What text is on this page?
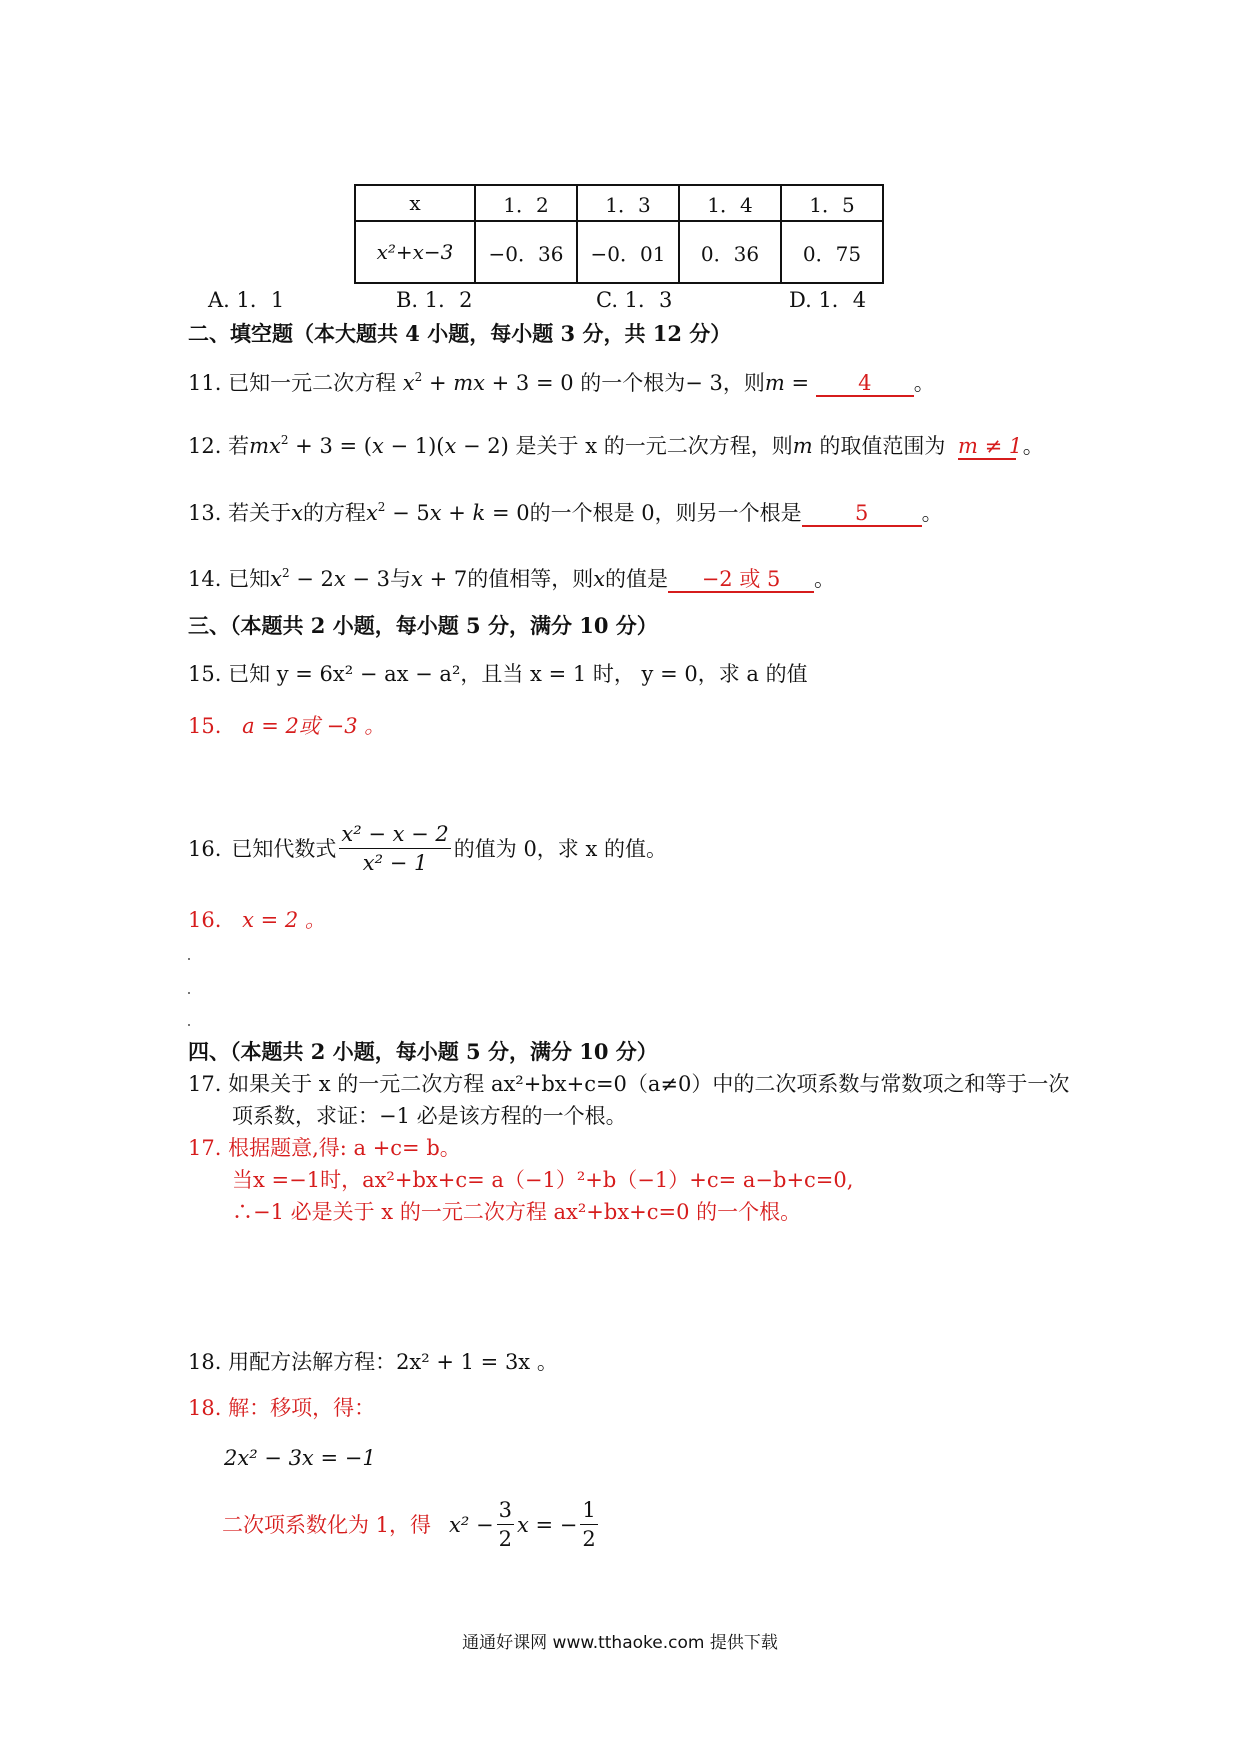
x	1．2	1．3	1．4	1．5
x²+x−3	−0．36	−0．01	0．36	0．75
A. 1．1	B. 1．2	C. 1．3	D. 1．4
二、填空题（本大题共 4 小题，每小题 3 分，共 12 分）
11. 已知一元二次方程 $x^2$ + mx + 3 = 0 的一个根为− 3，则m = 4 。
12. 若$mx^2 + 3 = (x - 1)(x - 2)$ 是关于 x 的一元二次方程，则m 的取值范围为 m ≠ 1 。
13. 若关于x的方程$x^2 - 5x + k = 0$的一个根是 0，则另一个根是	5	。
14. 已知$x^2 - 2x - 3$与x + 7的值相等，则x的值是 −2 或 5 。
三、（本题共 2 小题，每小题 5 分，满分 10 分）
15. 已知 y = 6x² − ax − a²，且当 x = 1 时， y = 0，求 a 的值
15. a = 2或 −3 。
16. 已知代数式 $\frac{\text{x² − x − 2}}{\text{x² − 1}}$ 的值为 0，求 x 的值。
16. x = 2 。
四、（本题共 2 小题，每小题 5 分，满分 10 分）
17. 如果关于 x 的一元二次方程 ax²+bx+c=0（a≠0）中的二次项系数与常数项之和等于一次
项系数，求证：−1 必是该方程的一个根。
17. 根据题意,得: a +c= b。
当x =−1时，ax²+bx+c= a（−1）²+b（−1）+c= a−b+c=0,
∴−1 必是关于 x 的一元二次方程 ax²+bx+c=0 的一个根。
18. 用配方法解方程：2x² + 1 = 3x 。
18. 解：移项，得：
2x² − 3x = −1
二次项系数化为 1，得 $x^2 - \frac{3}{2}$ x = − $\frac{1}{2}$
通通好课网 www.tthaoke.com 提供下载
